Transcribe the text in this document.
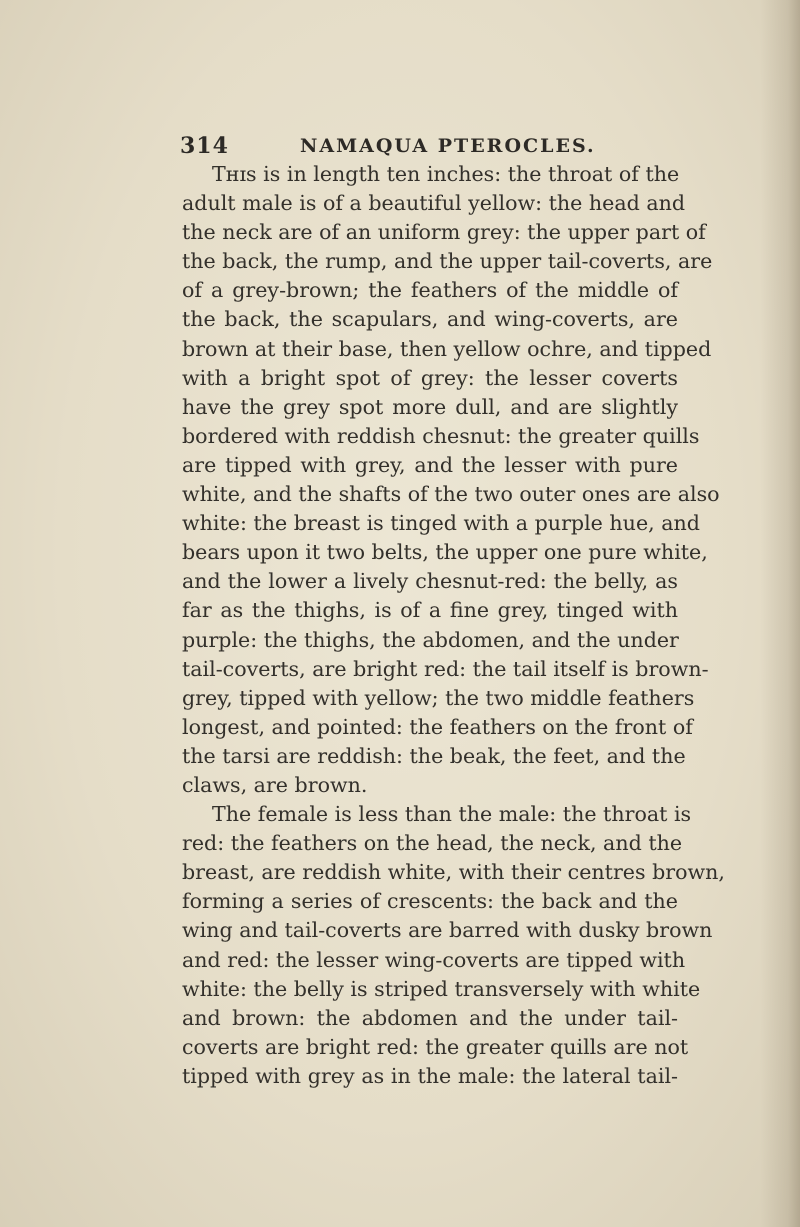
314	NAMAQUA PTEROCLES.
Tʜɪs is in length ten inches: the throat of the
adult male is of a beautiful yellow: the head and
the neck are of an uniform grey: the upper part of
the back, the rump, and the upper tail-coverts, are
of a grey-brown; the feathers of the middle of
the back, the scapulars, and wing-coverts, are
brown at their base, then yellow ochre, and tipped
with a bright spot of grey: the lesser coverts
have the grey spot more dull, and are slightly
bordered with reddish chesnut: the greater quills
are tipped with grey, and the lesser with pure
white, and the shafts of the two outer ones are also
white: the breast is tinged with a purple hue, and
bears upon it two belts, the upper one pure white,
and the lower a lively chesnut-red: the belly, as
far as the thighs, is of a fine grey, tinged with
purple: the thighs, the abdomen, and the under
tail-coverts, are bright red: the tail itself is brown-
grey, tipped with yellow; the two middle feathers
longest, and pointed: the feathers on the front of
the tarsi are reddish: the beak, the feet, and the
claws, are brown.
The female is less than the male: the throat is
red: the feathers on the head, the neck, and the
breast, are reddish white, with their centres brown,
forming a series of crescents: the back and the
wing and tail-coverts are barred with dusky brown
and red: the lesser wing-coverts are tipped with
white: the belly is striped transversely with white
and brown: the abdomen and the under tail-
coverts are bright red: the greater quills are not
tipped with grey as in the male: the lateral tail-
